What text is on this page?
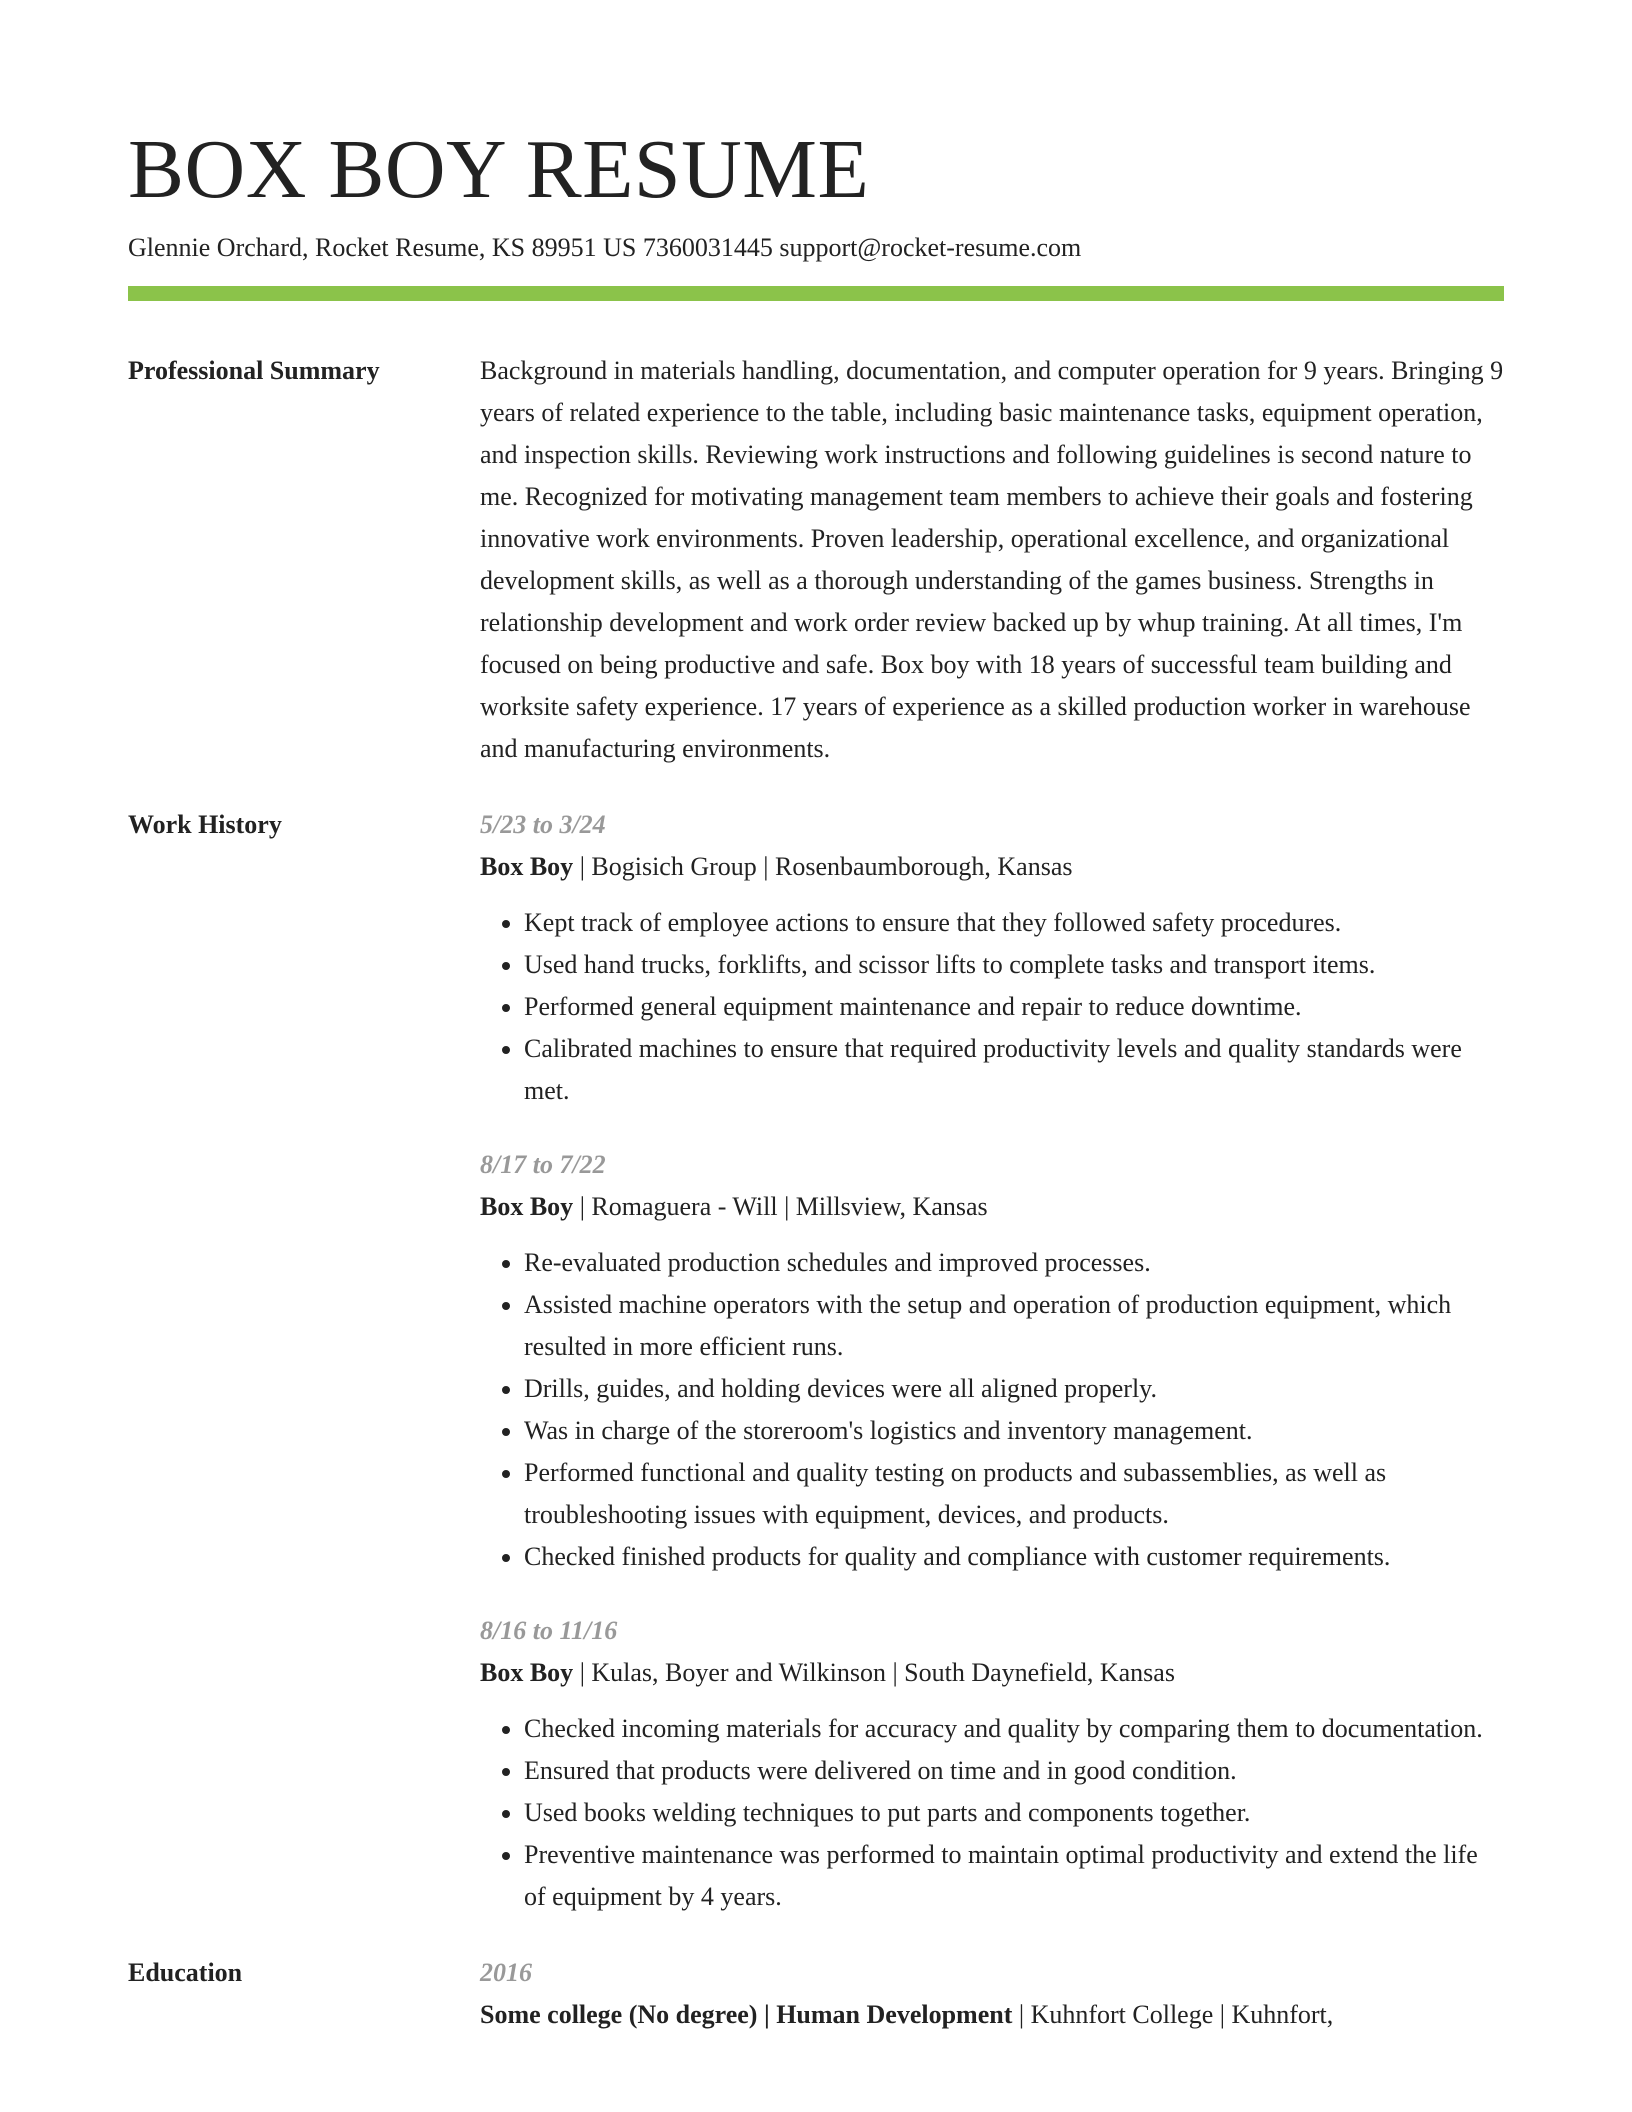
BOX BOY RESUME
Glennie Orchard, Rocket Resume, KS 89951 US 7360031445 support@rocket-resume.com
Professional Summary	Background in materials handling, documentation, and computer operation for 9 years. Bringing 9 years of related experience to the table, including basic maintenance tasks, equipment operation, and inspection skills. Reviewing work instructions and following guidelines is second nature to me. Recognized for motivating management team members to achieve their goals and fostering innovative work environments. Proven leadership, operational excellence, and organizational development skills, as well as a thorough understanding of the games business. Strengths in relationship development and work order review backed up by whup training. At all times, I'm focused on being productive and safe. Box boy with 18 years of successful team building and worksite safety experience. 17 years of experience as a skilled production worker in warehouse and manufacturing environments.

Work History	5/23 to 3/24
Box Boy | Bogisich Group | Rosenbaumborough, Kansas
• Kept track of employee actions to ensure that they followed safety procedures.
• Used hand trucks, forklifts, and scissor lifts to complete tasks and transport items.
• Performed general equipment maintenance and repair to reduce downtime.
• Calibrated machines to ensure that required productivity levels and quality standards were met.
8/17 to 7/22
Box Boy | Romaguera - Will | Millsview, Kansas
• Re-evaluated production schedules and improved processes.
• Assisted machine operators with the setup and operation of production equipment, which resulted in more efficient runs.
• Drills, guides, and holding devices were all aligned properly.
• Was in charge of the storeroom's logistics and inventory management.
• Performed functional and quality testing on products and subassemblies, as well as troubleshooting issues with equipment, devices, and products.
• Checked finished products for quality and compliance with customer requirements.
8/16 to 11/16
Box Boy | Kulas, Boyer and Wilkinson | South Daynefield, Kansas
• Checked incoming materials for accuracy and quality by comparing them to documentation.
• Ensured that products were delivered on time and in good condition.
• Used books welding techniques to put parts and components together.
• Preventive maintenance was performed to maintain optimal productivity and extend the life of equipment by 4 years.
Education	2016
Some college (No degree) | Human Development | Kuhnfort College | Kuhnfort,
